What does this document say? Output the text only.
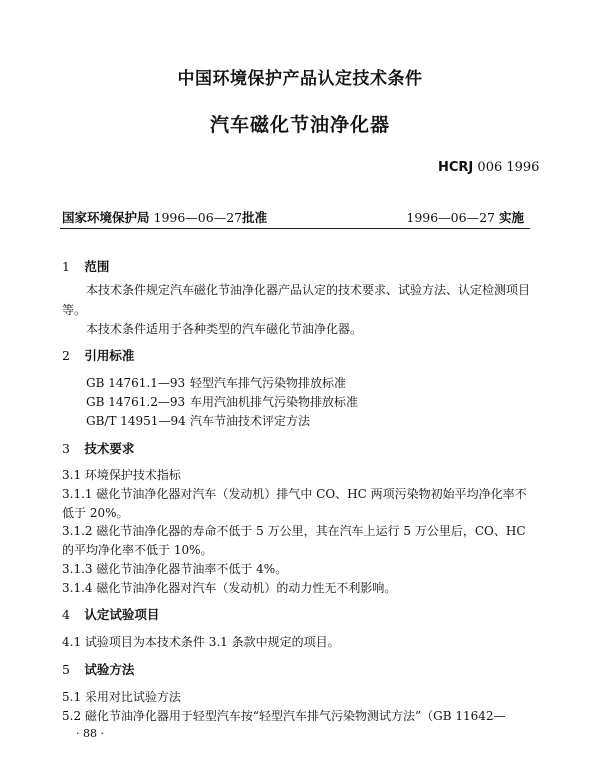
中国环境保护产品认定技术条件
汽车磁化节油净化器
HCRJ 006 1996
国家环境保护局 1996—06—27批准	1996—06—27 实施
1 范围
本技术条件规定汽车磁化节油净化器产品认定的技术要求、试验方法、认定检测项目等。
本技术条件适用于各种类型的汽车磁化节油净化器。
2 引用标准
GB 14761.1—93 轻型汽车排气污染物排放标准
GB 14761.2—93 车用汽油机排气污染物排放标准
GB/T 14951—94 汽车节油技术评定方法
3 技术要求
3.1 环境保护技术指标
3.1.1 磁化节油净化器对汽车（发动机）排气中 CO、HC 两项污染物初始平均净化率不
低于 20%。
3.1.2 磁化节油净化器的寿命不低于 5 万公里，其在汽车上运行 5 万公里后，CO、HC
的平均净化率不低于 10%。
3.1.3 磁化节油净化器节油率不低于 4%。
3.1.4 磁化节油净化器对汽车（发动机）的动力性无不利影响。
4 认定试验项目
4.1 试验项目为本技术条件 3.1 条款中规定的项目。
5 试验方法
5.1 采用对比试验方法
5.2 磁化节油净化器用于轻型汽车按“轻型汽车排气污染物测试方法”（GB 11642—
· 88 ·
